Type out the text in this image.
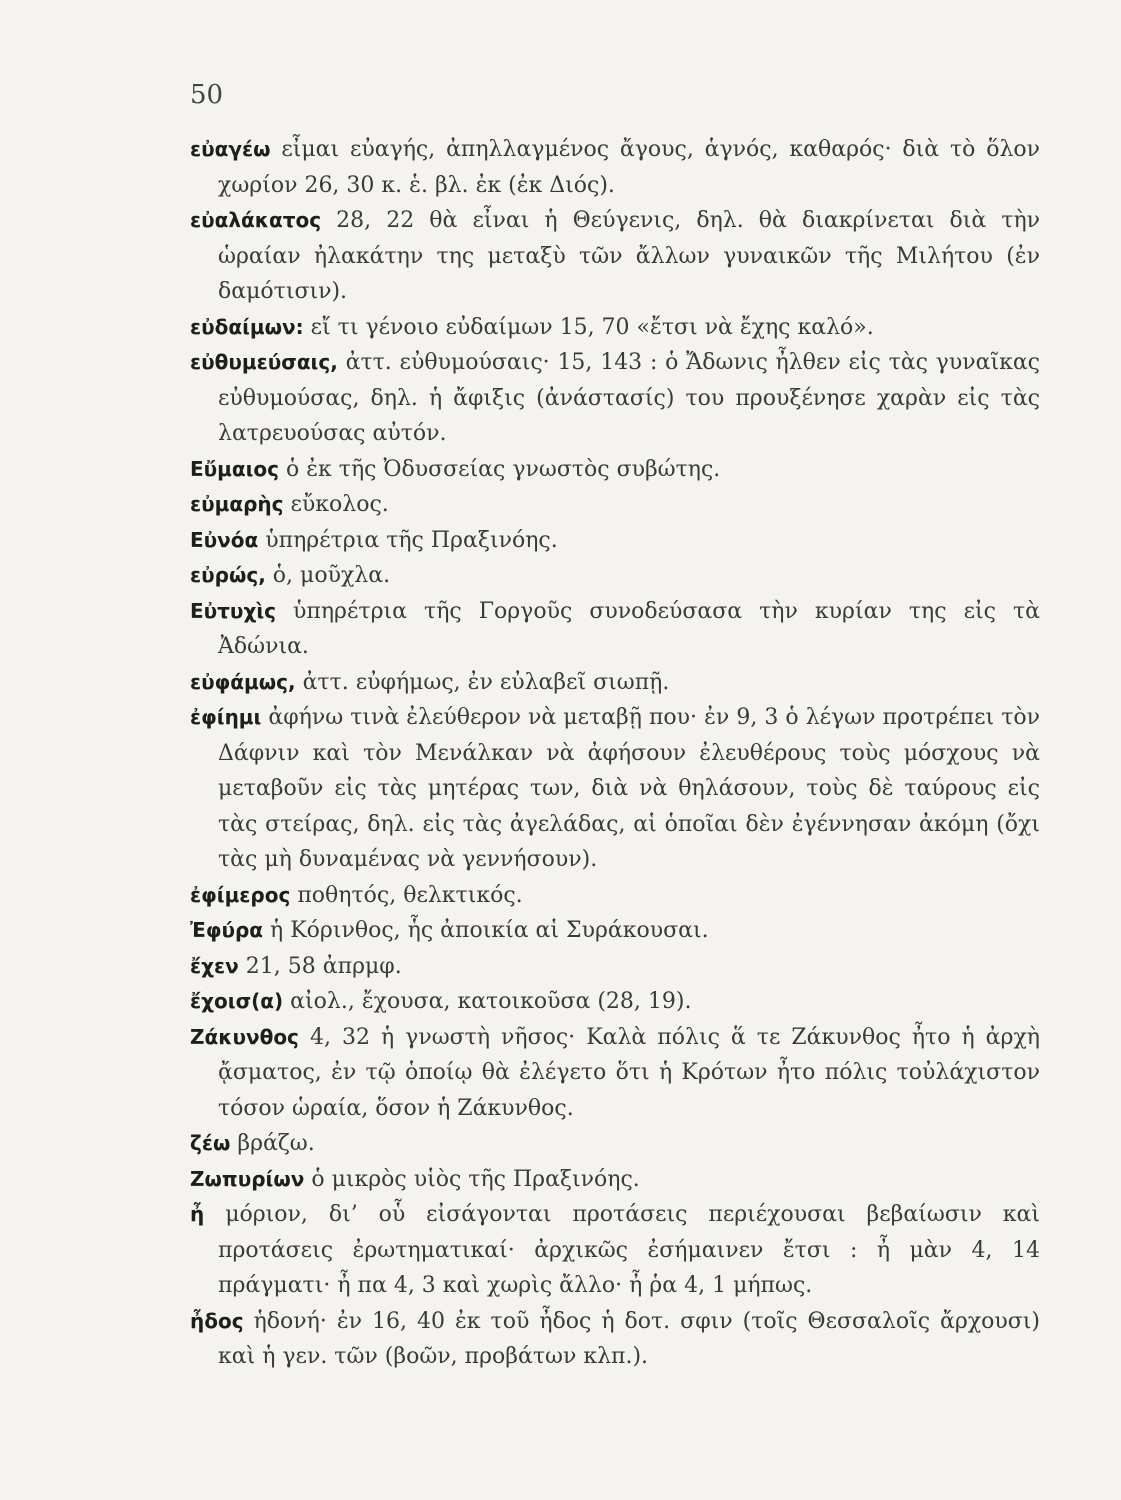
50

εὐαγέω εἶμαι εὐαγής, ἀπηλλαγμένος ἄγους, ἁγνός, καθαρός· διὰ τὸ ὅλον χωρίον 26, 30 κ. ἑ. βλ. ἐκ (ἐκ Διός).

εὐαλάκατος 28, 22 θὰ εἶναι ἡ Θεύγενις, δηλ. θὰ διακρίνεται διὰ τὴν ὡραίαν ἠλακάτην της μεταξὺ τῶν ἄλλων γυναικῶν τῆς Μιλήτου (ἐν δαμότισιν).

εὐδαίμων: εἴ τι γένοιο εὐδαίμων 15, 70 «ἔτσι νὰ ἔχης καλό».

εὐθυμεύσαις, ἀττ. εὐθυμούσαις· 15, 143 : ὁ Ἄδωνις ἦλθεν εἰς τὰς γυναῖκας εὐθυμούσας, δηλ. ἡ ἄφιξις (ἀνάστασίς) του προυξένησε χαρὰν εἰς τὰς λατρευούσας αὐτόν.

Εὔμαιος ὁ ἐκ τῆς Ὀδυσσείας γνωστὸς συβώτης.

εὐμαρὴς εὔκολος.

Εὐνόα ὑπηρέτρια τῆς Πραξινόης.

εὐρώς, ὁ, μοῦχλα.

Εὐτυχὶς ὑπηρέτρια τῆς Γοργοῦς συνοδεύσασα τὴν κυρίαν της εἰς τὰ Ἀδώνια.

εὐφάμως, ἀττ. εὐφήμως, ἐν εὐλαβεῖ σιωπῇ.

ἐφίημι ἀφήνω τινὰ ἐλεύθερον νὰ μεταβῇ που· ἐν 9, 3 ὁ λέγων προτρέπει τὸν Δάφνιν καὶ τὸν Μενάλκαν νὰ ἀφήσουν ἐλευθέρους τοὺς μόσχους νὰ μεταβοῦν εἰς τὰς μητέρας των, διὰ νὰ θηλάσουν, τοὺς δὲ ταύρους εἰς τὰς στείρας, δηλ. εἰς τὰς ἀγελάδας, αἱ ὁποῖαι δὲν ἐγέννησαν ἀκόμη (ὄχι τὰς μὴ δυναμένας νὰ γεννήσουν).

ἐφίμερος ποθητός, θελκτικός.

Ἐφύρα ἡ Κόρινθος, ἧς ἀποικία αἱ Συράκουσαι.

ἔχεν 21, 58 ἀπρμφ.

ἔχοισ(α) αἰολ., ἔχουσα, κατοικοῦσα (28, 19).

Ζάκυνθος 4, 32 ἡ γνωστὴ νῆσος· Καλὰ πόλις ἅ τε Ζάκυνθος ἦτο ἡ ἀρχὴ ᾄσματος, ἐν τῷ ὁποίῳ θὰ ἐλέγετο ὅτι ἡ Κρότων ἦτο πόλις τοὐλάχιστον τόσον ὡραία, ὅσον ἡ Ζάκυνθος.

ζέω βράζω.

Ζωπυρίων ὁ μικρὸς υἱὸς τῆς Πραξινόης.

ἦ μόριον, δι’ οὗ εἰσάγονται προτάσεις περιέχουσαι βεβαίωσιν καὶ προτάσεις ἐρωτηματικαί· ἀρχικῶς ἐσήμαινεν ἔτσι : ἦ μὰν 4, 14 πράγματι· ἦ πα 4, 3 καὶ χωρὶς ἄλλο· ἦ ῥα 4, 1 μήπως.

ἦδος ἡδονή· ἐν 16, 40 ἐκ τοῦ ἦδος ἡ δοτ. σφιν (τοῖς Θεσσαλοῖς ἄρχουσι) καὶ ἡ γεν. τῶν (βοῶν, προβάτων κλπ.).
